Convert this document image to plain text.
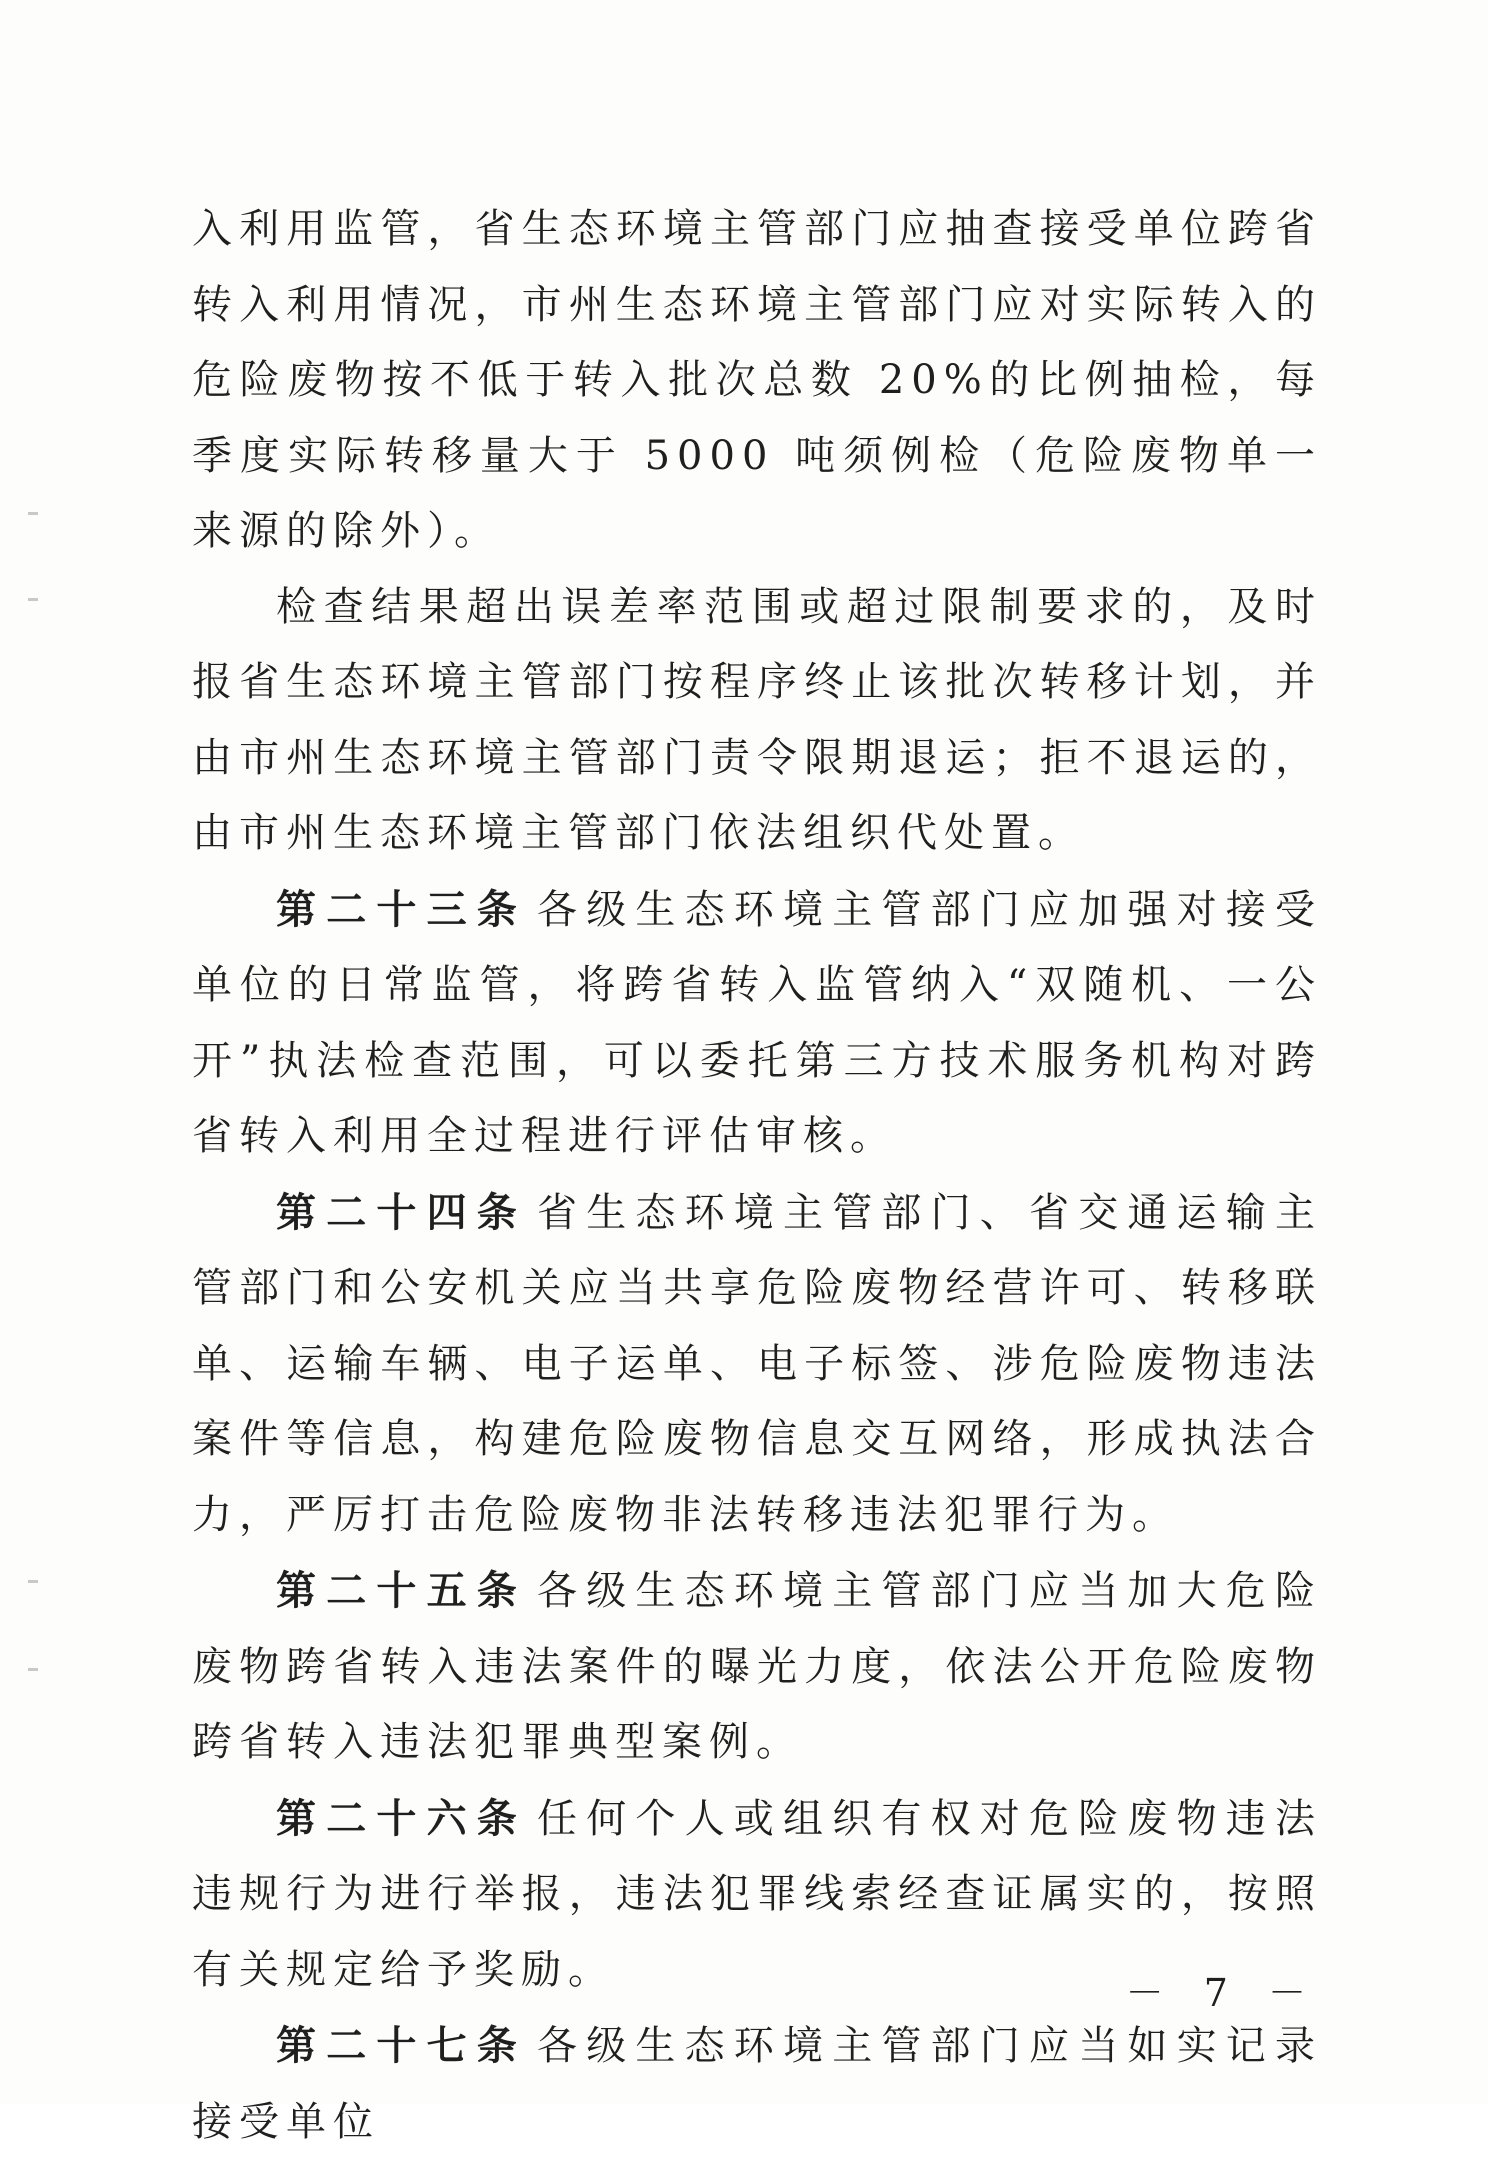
入利用监管，省生态环境主管部门应抽查接受单位跨省转入利用情况，市州生态环境主管部门应对实际转入的危险废物按不低于转入批次总数 20%的比例抽检，每季度实际转移量大于 5000 吨须例检（危险废物单一来源的除外）。

检查结果超出误差率范围或超过限制要求的，及时报省生态环境主管部门按程序终止该批次转移计划，并由市州生态环境主管部门责令限期退运；拒不退运的，由市州生态环境主管部门依法组织代处置。

第二十三条 各级生态环境主管部门应加强对接受单位的日常监管，将跨省转入监管纳入“双随机、一公开”执法检查范围，可以委托第三方技术服务机构对跨省转入利用全过程进行评估审核。

第二十四条 省生态环境主管部门、省交通运输主管部门和公安机关应当共享危险废物经营许可、转移联单、运输车辆、电子运单、电子标签、涉危险废物违法案件等信息，构建危险废物信息交互网络，形成执法合力，严厉打击危险废物非法转移违法犯罪行为。

第二十五条 各级生态环境主管部门应当加大危险废物跨省转入违法案件的曝光力度，依法公开危险废物跨省转入违法犯罪典型案例。

第二十六条 任何个人或组织有权对危险废物违法违规行为进行举报，违法犯罪线索经查证属实的，按照有关规定给予奖励。

第二十七条 各级生态环境主管部门应当如实记录接受单位

－ 7 －
